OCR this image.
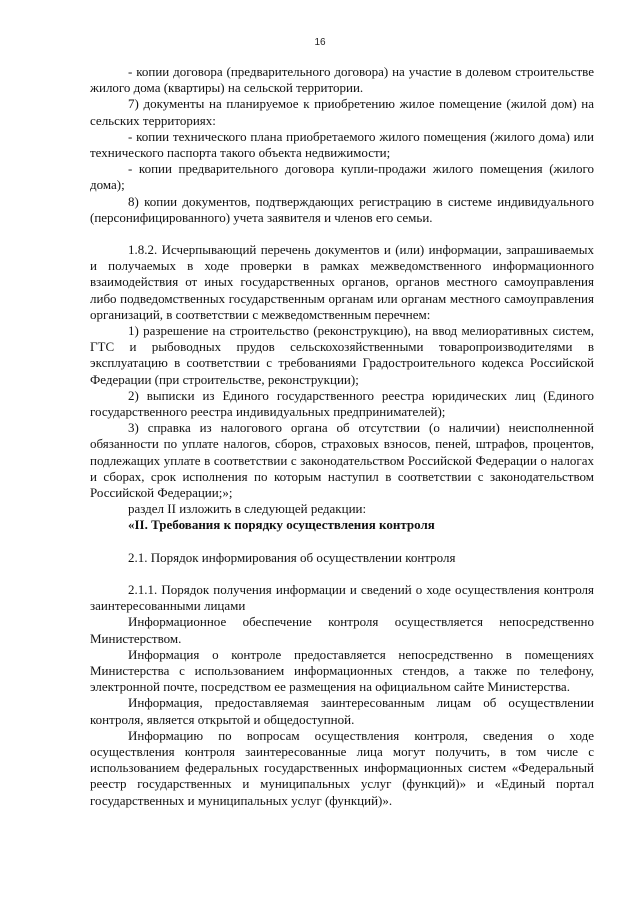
16

- копии договора (предварительного договора) на участие в долевом строительстве жилого дома (квартиры) на сельской территории.

7) документы на планируемое к приобретению жилое помещение (жилой дом) на сельских территориях:

- копии технического плана приобретаемого жилого помещения (жилого дома) или технического паспорта такого объекта недвижимости;

- копии предварительного договора купли-продажи жилого помещения (жилого дома);

8) копии документов, подтверждающих регистрацию в системе индивидуального (персонифицированного) учета заявителя и членов его семьи.

1.8.2. Исчерпывающий перечень документов и (или) информации, запрашиваемых и получаемых в ходе проверки в рамках межведомственного информационного взаимодействия от иных государственных органов, органов местного самоуправления либо подведомственных государственным органам или органам местного самоуправления организаций, в соответствии с межведомственным перечнем:

1) разрешение на строительство (реконструкцию), на ввод мелиоративных систем, ГТС и рыбоводных прудов сельскохозяйственными товаропроизводителями в эксплуатацию в соответствии с требованиями Градостроительного кодекса Российской Федерации (при строительстве, реконструкции);

2) выписки из Единого государственного реестра юридических лиц (Единого государственного реестра индивидуальных предпринимателей);

3) справка из налогового органа об отсутствии (о наличии) неисполненной обязанности по уплате налогов, сборов, страховых взносов, пеней, штрафов, процентов, подлежащих уплате в соответствии с законодательством Российской Федерации о налогах и сборах, срок исполнения по которым наступил в соответствии с законодательством Российской Федерации;»;

раздел II изложить в следующей редакции:

«II. Требования к порядку осуществления контроля

2.1. Порядок информирования об осуществлении контроля

2.1.1. Порядок получения информации и сведений о ходе осуществления контроля заинтересованными лицами

Информационное обеспечение контроля осуществляется непосредственно Министерством.

Информация о контроле предоставляется непосредственно в помещениях Министерства с использованием информационных стендов, а также по телефону, электронной почте, посредством ее размещения на официальном сайте Министерства.

Информация, предоставляемая заинтересованным лицам об осуществлении контроля, является открытой и общедоступной.

Информацию по вопросам осуществления контроля, сведения о ходе осуществления контроля заинтересованные лица могут получить, в том числе с использованием федеральных государственных информационных систем «Федеральный реестр государственных и муниципальных услуг (функций)» и «Единый портал государственных и муниципальных услуг (функций)».
